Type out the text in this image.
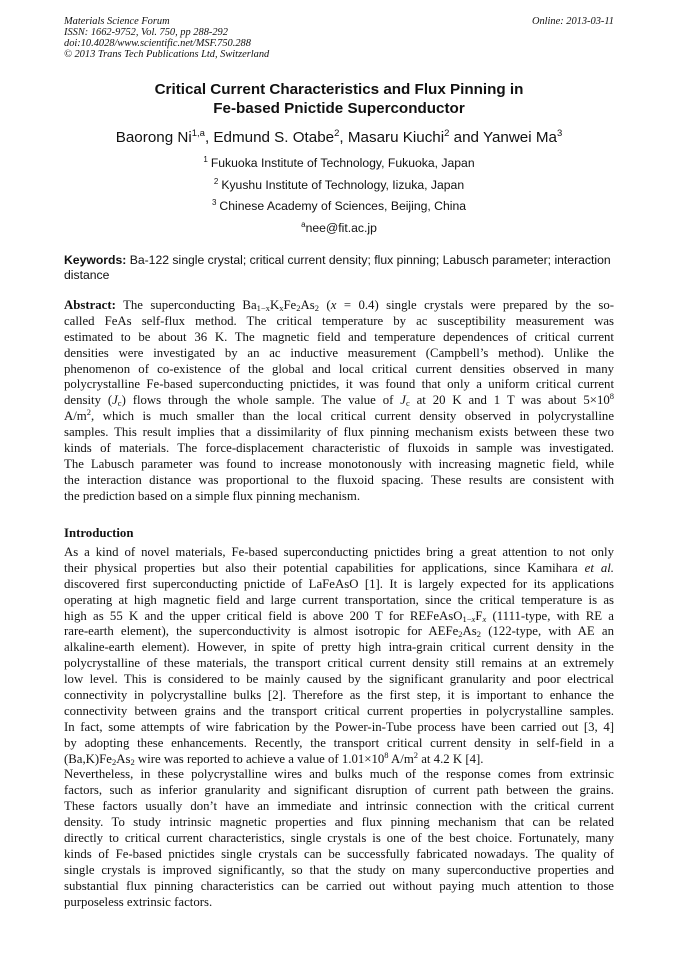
Materials Science Forum
ISSN: 1662-9752, Vol. 750, pp 288-292
doi:10.4028/www.scientific.net/MSF.750.288
© 2013 Trans Tech Publications Ltd, Switzerland
Online: 2013-03-11
Critical Current Characteristics and Flux Pinning in
Fe-based Pnictide Superconductor
Baorong Ni$^{1,a}$, Edmund S. Otabe$^2$, Masaru Kiuchi$^2$ and Yanwei Ma$^3$
$^1$ Fukuoka Institute of Technology, Fukuoka, Japan
$^2$ Kyushu Institute of Technology, Iizuka, Japan
$^3$ Chinese Academy of Sciences, Beijing, China
$^a$nee@fit.ac.jp
Keywords: Ba-122 single crystal; critical current density; flux pinning; Labusch parameter; interaction distance
Abstract: The superconducting $Ba_{1-x}K_xFe_2As_2$ (x = 0.4) single crystals were prepared by the so-
called FeAs self-flux method. The critical temperature by ac susceptibility measurement was
estimated to be about 36 K. The magnetic field and temperature dependences of critical current
densities were investigated by an ac inductive measurement (Campbell’s method). Unlike the
phenomenon of co-existence of the global and local critical current densities observed in many
polycrystalline Fe-based superconducting pnictides, it was found that only a uniform critical current
density $(J_c)$ flows through the whole sample. The value of $J_c$ at 20 K and 1 T was about $5\times 10^8$
$A/m^2$, which is much smaller than the local critical current density observed in polycrystalline
samples. This result implies that a dissimilarity of flux pinning mechanism exists between these two
kinds of materials. The force-displacement characteristic of fluxoids in sample was investigated.
The Labusch parameter was found to increase monotonously with increasing magnetic field, while
the interaction distance was proportional to the fluxoid spacing. These results are consistent with
the prediction based on a simple flux pinning mechanism.
Introduction
As a kind of novel materials, Fe-based superconducting pnictides bring a great attention to not only
their physical properties but also their potential capabilities for applications, since Kamihara et al.
discovered first superconducting pnictide of LaFeAsO [1]. It is largely expected for its applications
operating at high magnetic field and large current transportation, since the critical temperature is as
high as 55 K and the upper critical field is above 200 T for $REFeAsO_{1-x}F_x$ (1111-type, with RE a
rare-earth element), the superconductivity is almost isotropic for $AEFe_2As_2$ (122-type, with AE an
alkaline-earth element). However, in spite of pretty high intra-grain critical current density in the
polycrystalline of these materials, the transport critical current density still remains at an extremely
low level. This is considered to be mainly caused by the significant granularity and poor electrical
connectivity in polycrystalline bulks [2]. Therefore as the first step, it is important to enhance the
connectivity between grains and the transport critical current properties in polycrystalline samples.
In fact, some attempts of wire fabrication by the Power-in-Tube process have been carried out [3, 4]
by adopting these enhancements. Recently, the transport critical current density in self-field in a
$(Ba,K)Fe_2As_2$ wire was reported to achieve a value of $1.01\times 10^8$ $A/m^2$ at 4.2 K [4].
Nevertheless, in these polycrystalline wires and bulks much of the response comes from extrinsic
factors, such as inferior granularity and significant disruption of current path between the grains.
These factors usually don’t have an immediate and intrinsic connection with the critical current
density. To study intrinsic magnetic properties and flux pinning mechanism that can be related
directly to critical current characteristics, single crystals is one of the best choice. Fortunately, many
kinds of Fe-based pnictides single crystals can be successfully fabricated nowadays. The quality of
single crystals is improved significantly, so that the study on many superconductive properties and
substantial flux pinning characteristics can be carried out without paying much attention to those
purposeless extrinsic factors.
